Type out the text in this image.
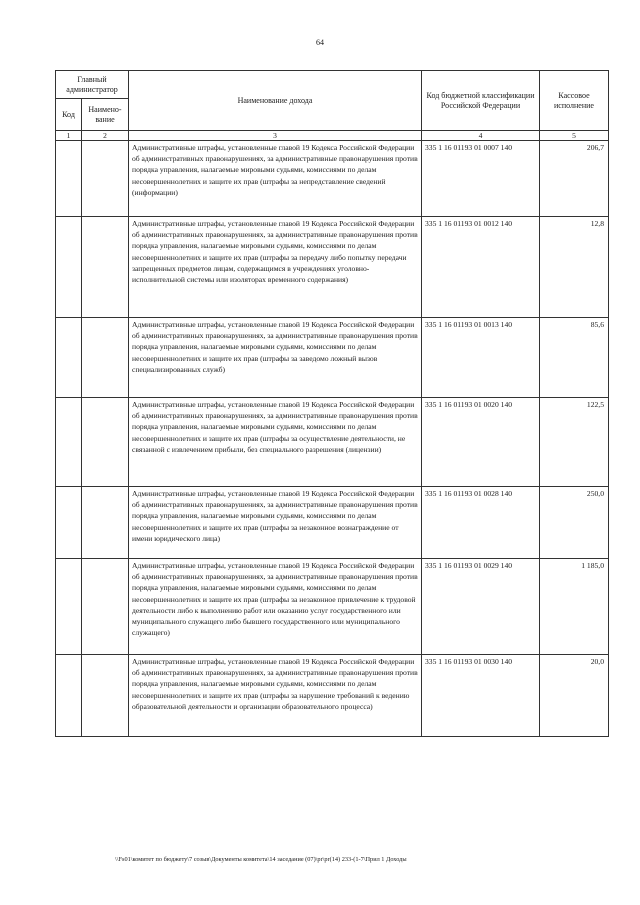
64
Главный администратор		Наименование дохода	Код бюджетной классификации Российской Федерации	Кассовое исполнение
Код	Наимено-вание			
1	2	3	4	5
		Административные штрафы, установленные главой 19 Кодекса Российской Федерации об административных правонарушениях, за административные правонарушения против порядка управления, налагаемые мировыми судьями, комиссиями по делам несовершеннолетних и защите их прав (штрафы за непредставление сведений (информации)	335 1 16 01193 01 0007 140	206,7
		Административные штрафы, установленные главой 19 Кодекса Российской Федерации об административных правонарушениях, за административные правонарушения против порядка управления, налагаемые мировыми судьями, комиссиями по делам несовершеннолетних и защите их прав (штрафы за передачу либо попытку передачи запрещенных предметов лицам, содержащимся в учреждениях уголовно-исполнительной системы или изоляторах временного содержания)	335 1 16 01193 01 0012 140	12,8
		Административные штрафы, установленные главой 19 Кодекса Российской Федерации об административных правонарушениях, за административные правонарушения против порядка управления, налагаемые мировыми судьями, комиссиями по делам несовершеннолетних и защите их прав (штрафы за заведомо ложный вызов специализированных служб)	335 1 16 01193 01 0013 140	85,6
		Административные штрафы, установленные главой 19 Кодекса Российской Федерации об административных правонарушениях, за административные правонарушения против порядка управления, налагаемые мировыми судьями, комиссиями по делам несовершеннолетних и защите их прав (штрафы за осуществление деятельности, не связанной с извлечением прибыли, без специального разрешения (лицензии)	335 1 16 01193 01 0020 140	122,5
		Административные штрафы, установленные главой 19 Кодекса Российской Федерации об административных правонарушениях, за административные правонарушения против порядка управления, налагаемые мировыми судьями, комиссиями по делам несовершеннолетних и защите их прав (штрафы за незаконное вознаграждение от имени юридического лица)	335 1 16 01193 01 0028 140	250,0
		Административные штрафы, установленные главой 19 Кодекса Российской Федерации об административных правонарушениях, за административные правонарушения против порядка управления, налагаемые мировыми судьями, комиссиями по делам несовершеннолетних и защите их прав (штрафы за незаконное привлечение к трудовой деятельности либо к выполнению работ или оказанию услуг государственного или муниципального служащего либо бывшего государственного или муниципального служащего)	335 1 16 01193 01 0029 140	1 185,0
		Административные штрафы, установленные главой 19 Кодекса Российской Федерации об административных правонарушениях, за административные правонарушения против порядка управления, налагаемые мировыми судьями, комиссиями по делам несовершеннолетних и защите их прав (штрафы за нарушение требований к ведению образовательной деятельности и организации образовательного процесса)	335 1 16 01193 01 0030 140	20,0
\\Fs01\комитет по бюджету\7 созыв\Документы комитета\14 заседание (07)\pr\pr(14) 233-(1-7\Прил 1 Доходы
